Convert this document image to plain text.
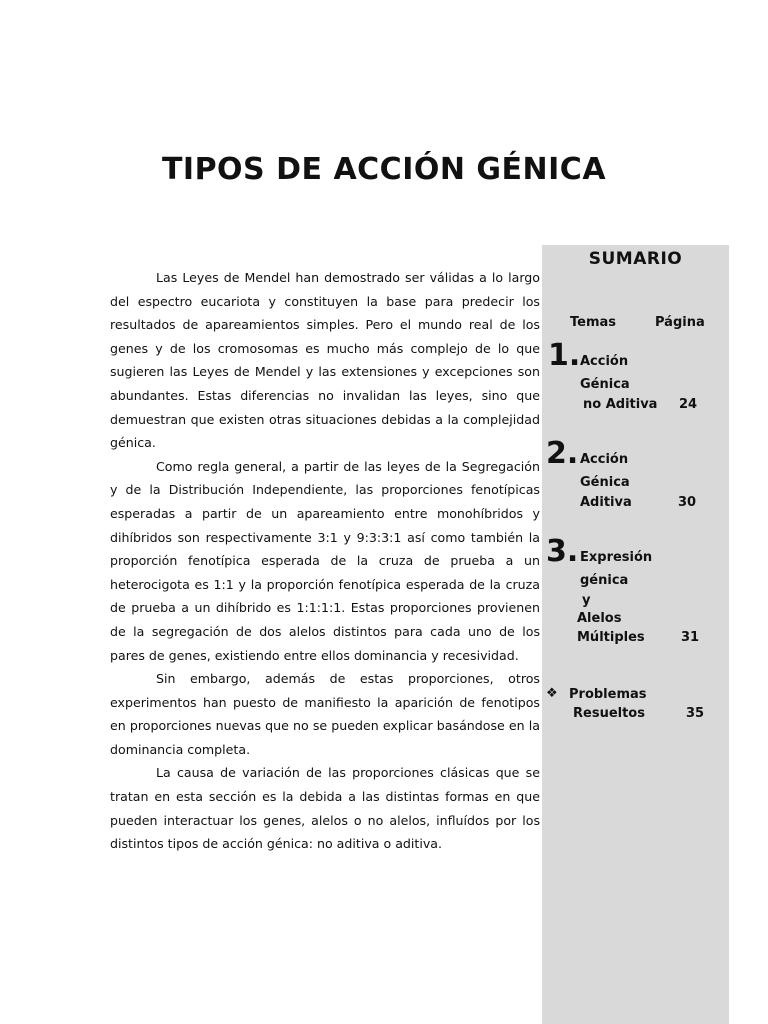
TIPOS DE ACCIÓN GÉNICA

Las Leyes de Mendel han demostrado ser válidas a lo largo del espectro eucariota y constituyen la base para predecir los resultados de apareamientos simples. Pero el mundo real de los genes y de los cromosomas es mucho más complejo de lo que sugieren las Leyes de Mendel y las extensiones y excepciones son abundantes. Estas diferencias no invalidan las leyes, sino que demuestran que existen otras situaciones debidas a la complejidad génica.

Como regla general, a partir de las leyes de la Segregación y de la Distribución Independiente, las proporciones fenotípicas esperadas a partir de un apareamiento entre monohíbridos y dihíbridos son respectivamente 3:1 y 9:3:3:1 así como también la proporción fenotípica esperada de la cruza de prueba a un heterocigota es 1:1 y la proporción fenotípica esperada de la cruza de prueba a un dihíbrido es 1:1:1:1. Estas proporciones provienen de la segregación de dos alelos distintos para cada uno de los pares de genes, existiendo entre ellos dominancia y recesividad.

Sin embargo, además de estas proporciones, otros experimentos han puesto de manifiesto la aparición de fenotipos en proporciones nuevas que no se pueden explicar basándose en la dominancia completa.

La causa de variación de las proporciones clásicas que se tratan en esta sección es la debida a las distintas formas en que pueden interactuar los genes, alelos o no alelos, influídos por los distintos tipos de acción génica: no aditiva o aditiva.

SUMARIO
Temas	Página
1. Acción
Génica
no Aditiva 24
2. Acción
Génica
Aditiva	30
3. Expresión
génica
y
Alelos
Múltiples	31
❖ Problemas
Resueltos	35
